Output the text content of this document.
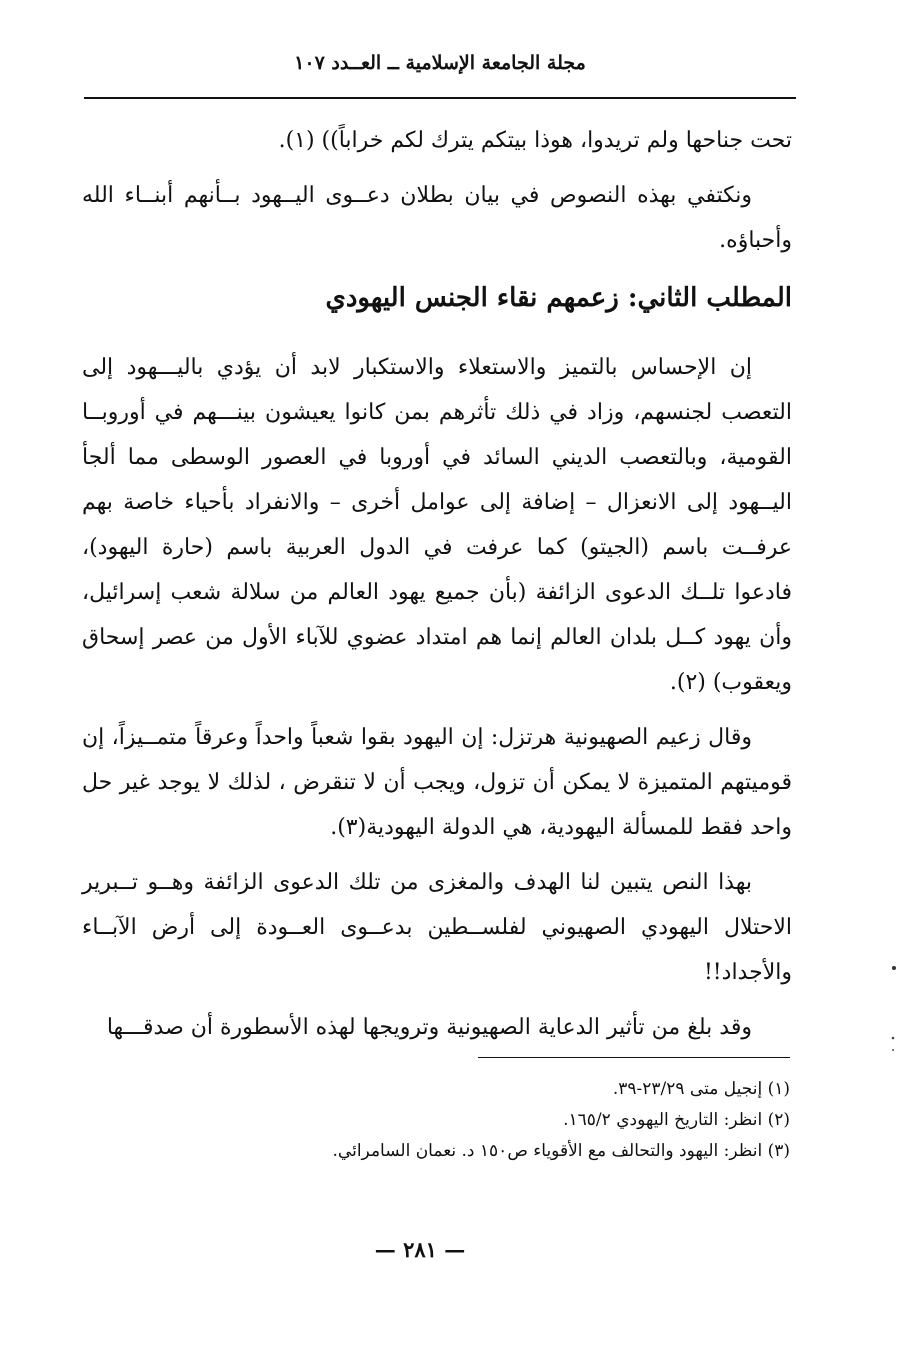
مجلة الجامعة الإسلامية ــ العــدد ١٠٧

تحت جناحها ولم تريدوا، هوذا بيتكم يترك لكم خراباً)) (١).

ونكتفي بهذه النصوص في بيان بطلان دعــوى اليــهود بــأنهم أبنــاء الله وأحباؤه.

المطلب الثاني: زعمهم نقاء الجنس اليهودي

إن الإحساس بالتميز والاستعلاء والاستكبار لابد أن يؤدي باليـــهود إلى التعصب لجنسهم، وزاد في ذلك تأثرهم بمن كانوا يعيشون بينـــهم في أوروبــا القومية، وبالتعصب الديني السائد في أوروبا في العصور الوسطى مما ألجأ اليــهود إلى الانعزال – إضافة إلى عوامل أخرى – والانفراد بأحياء خاصة بهم عرفــت باسم (الجيتو) كما عرفت في الدول العربية باسم (حارة اليهود)، فادعوا تلــك الدعوى الزائفة (بأن جميع يهود العالم من سلالة شعب إسرائيل، وأن يهود كــل بلدان العالم إنما هم امتداد عضوي للآباء الأول من عصر إسحاق ويعقوب) (٢).

وقال زعيم الصهيونية هرتزل: إن اليهود بقوا شعباً واحداً وعرقاً متمــيزاً، إن قوميتهم المتميزة لا يمكن أن تزول، ويجب أن لا تنقرض ، لذلك لا يوجد غير حل واحد فقط للمسألة اليهودية، هي الدولة اليهودية(٣).

بهذا النص يتبين لنا الهدف والمغزى من تلك الدعوى الزائفة وهــو تــبرير الاحتلال اليهودي الصهيوني لفلســطين بدعــوى العــودة إلى أرض الآبــاء والأجداد!!

وقد بلغ من تأثير الدعاية الصهيونية وترويجها لهذه الأسطورة أن صدقـــها

(١) إنجيل متى ٢٣/٢٩-٣٩.

(٢) انظر: التاريخ اليهودي ١٦٥/٢.

(٣) انظر: اليهود والتحالف مع الأقوياء ص١٥٠ د. نعمان السامرائي.

— ٢٨١ —
